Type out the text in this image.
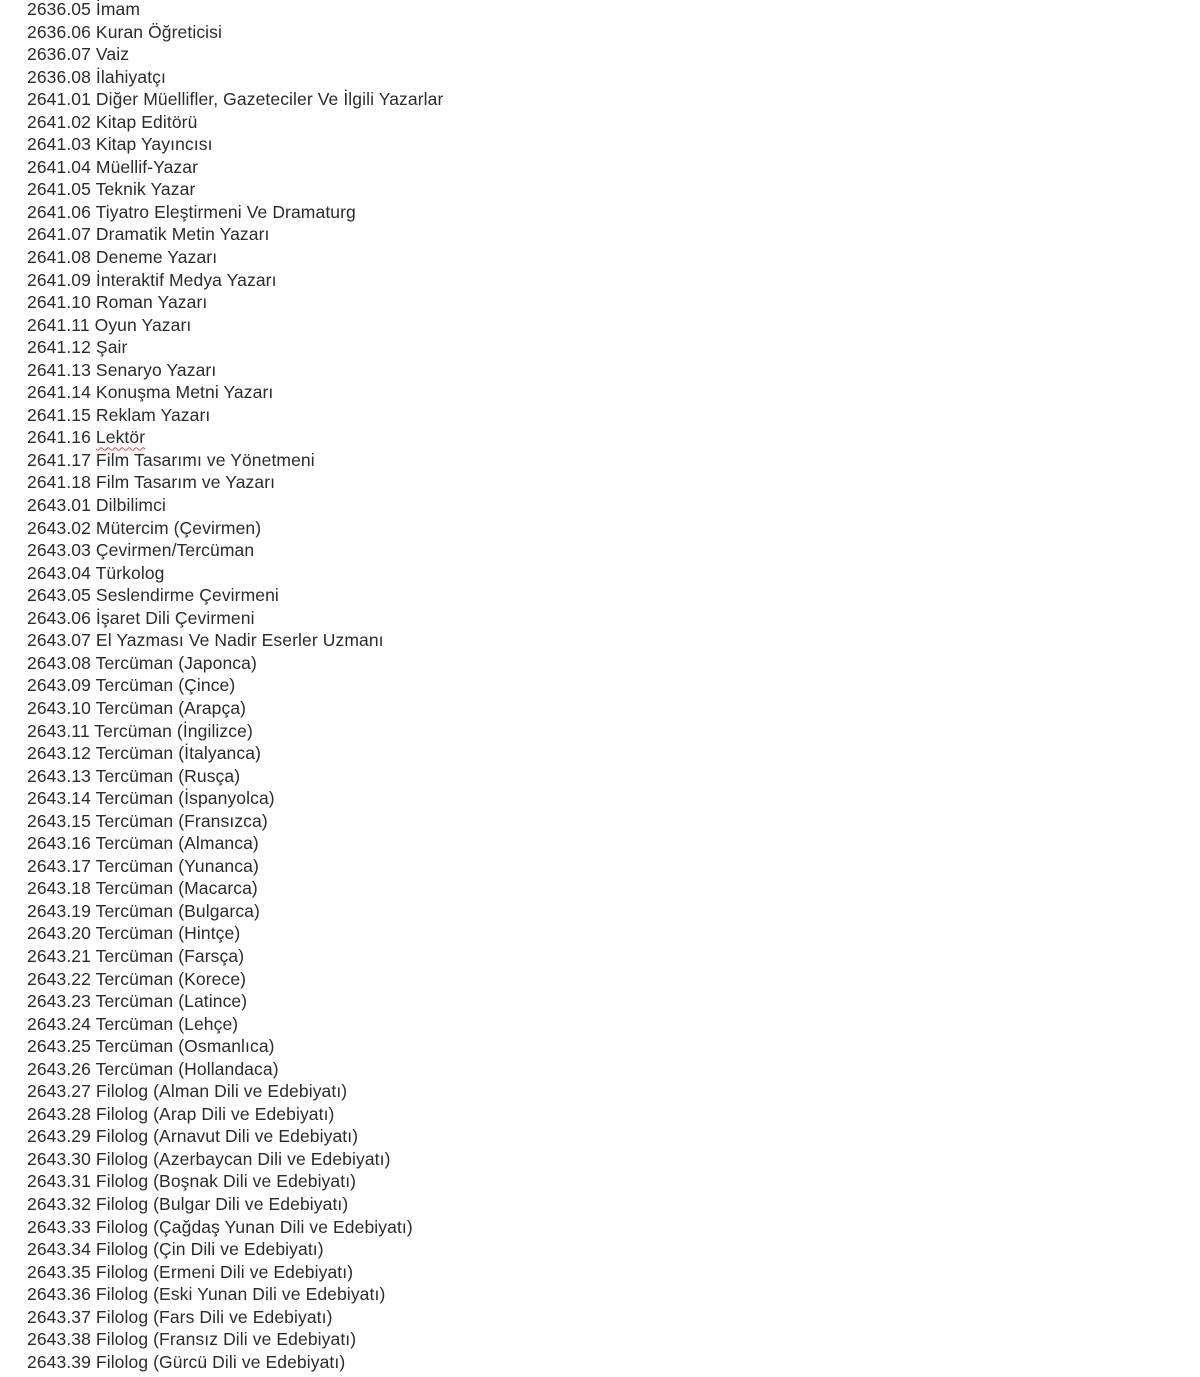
2636.05 İmam
2636.06 Kuran Öğreticisi
2636.07 Vaiz
2636.08 İlahiyatçı
2641.01 Diğer Müellifler, Gazeteciler Ve İlgili Yazarlar
2641.02 Kitap Editörü
2641.03 Kitap Yayıncısı
2641.04 Müellif-Yazar
2641.05 Teknik Yazar
2641.06 Tiyatro Eleştirmeni Ve Dramaturg
2641.07 Dramatik Metin Yazarı
2641.08 Deneme Yazarı
2641.09 İnteraktif Medya Yazarı
2641.10 Roman Yazarı
2641.11 Oyun Yazarı
2641.12 Şair
2641.13 Senaryo Yazarı
2641.14 Konuşma Metni Yazarı
2641.15 Reklam Yazarı
2641.16 Lektör
2641.17 Film Tasarımı ve Yönetmeni
2641.18 Film Tasarım ve Yazarı
2643.01 Dilbilimci
2643.02 Mütercim (Çevirmen)
2643.03 Çevirmen/Tercüman
2643.04 Türkolog
2643.05 Seslendirme Çevirmeni
2643.06 İşaret Dili Çevirmeni
2643.07 El Yazması Ve Nadir Eserler Uzmanı
2643.08 Tercüman (Japonca)
2643.09 Tercüman (Çince)
2643.10 Tercüman (Arapça)
2643.11 Tercüman (İngilizce)
2643.12 Tercüman (İtalyanca)
2643.13 Tercüman (Rusça)
2643.14 Tercüman (İspanyolca)
2643.15 Tercüman (Fransızca)
2643.16 Tercüman (Almanca)
2643.17 Tercüman (Yunanca)
2643.18 Tercüman (Macarca)
2643.19 Tercüman (Bulgarca)
2643.20 Tercüman (Hintçe)
2643.21 Tercüman (Farsça)
2643.22 Tercüman (Korece)
2643.23 Tercüman (Latince)
2643.24 Tercüman (Lehçe)
2643.25 Tercüman (Osmanlıca)
2643.26 Tercüman (Hollandaca)
2643.27 Filolog (Alman Dili ve Edebiyatı)
2643.28 Filolog (Arap Dili ve Edebiyatı)
2643.29 Filolog (Arnavut Dili ve Edebiyatı)
2643.30 Filolog (Azerbaycan Dili ve Edebiyatı)
2643.31 Filolog (Boşnak Dili ve Edebiyatı)
2643.32 Filolog (Bulgar Dili ve Edebiyatı)
2643.33 Filolog (Çağdaş Yunan Dili ve Edebiyatı)
2643.34 Filolog (Çin Dili ve Edebiyatı)
2643.35 Filolog (Ermeni Dili ve Edebiyatı)
2643.36 Filolog (Eski Yunan Dili ve Edebiyatı)
2643.37 Filolog (Fars Dili ve Edebiyatı)
2643.38 Filolog (Fransız Dili ve Edebiyatı)
2643.39 Filolog (Gürcü Dili ve Edebiyatı)
